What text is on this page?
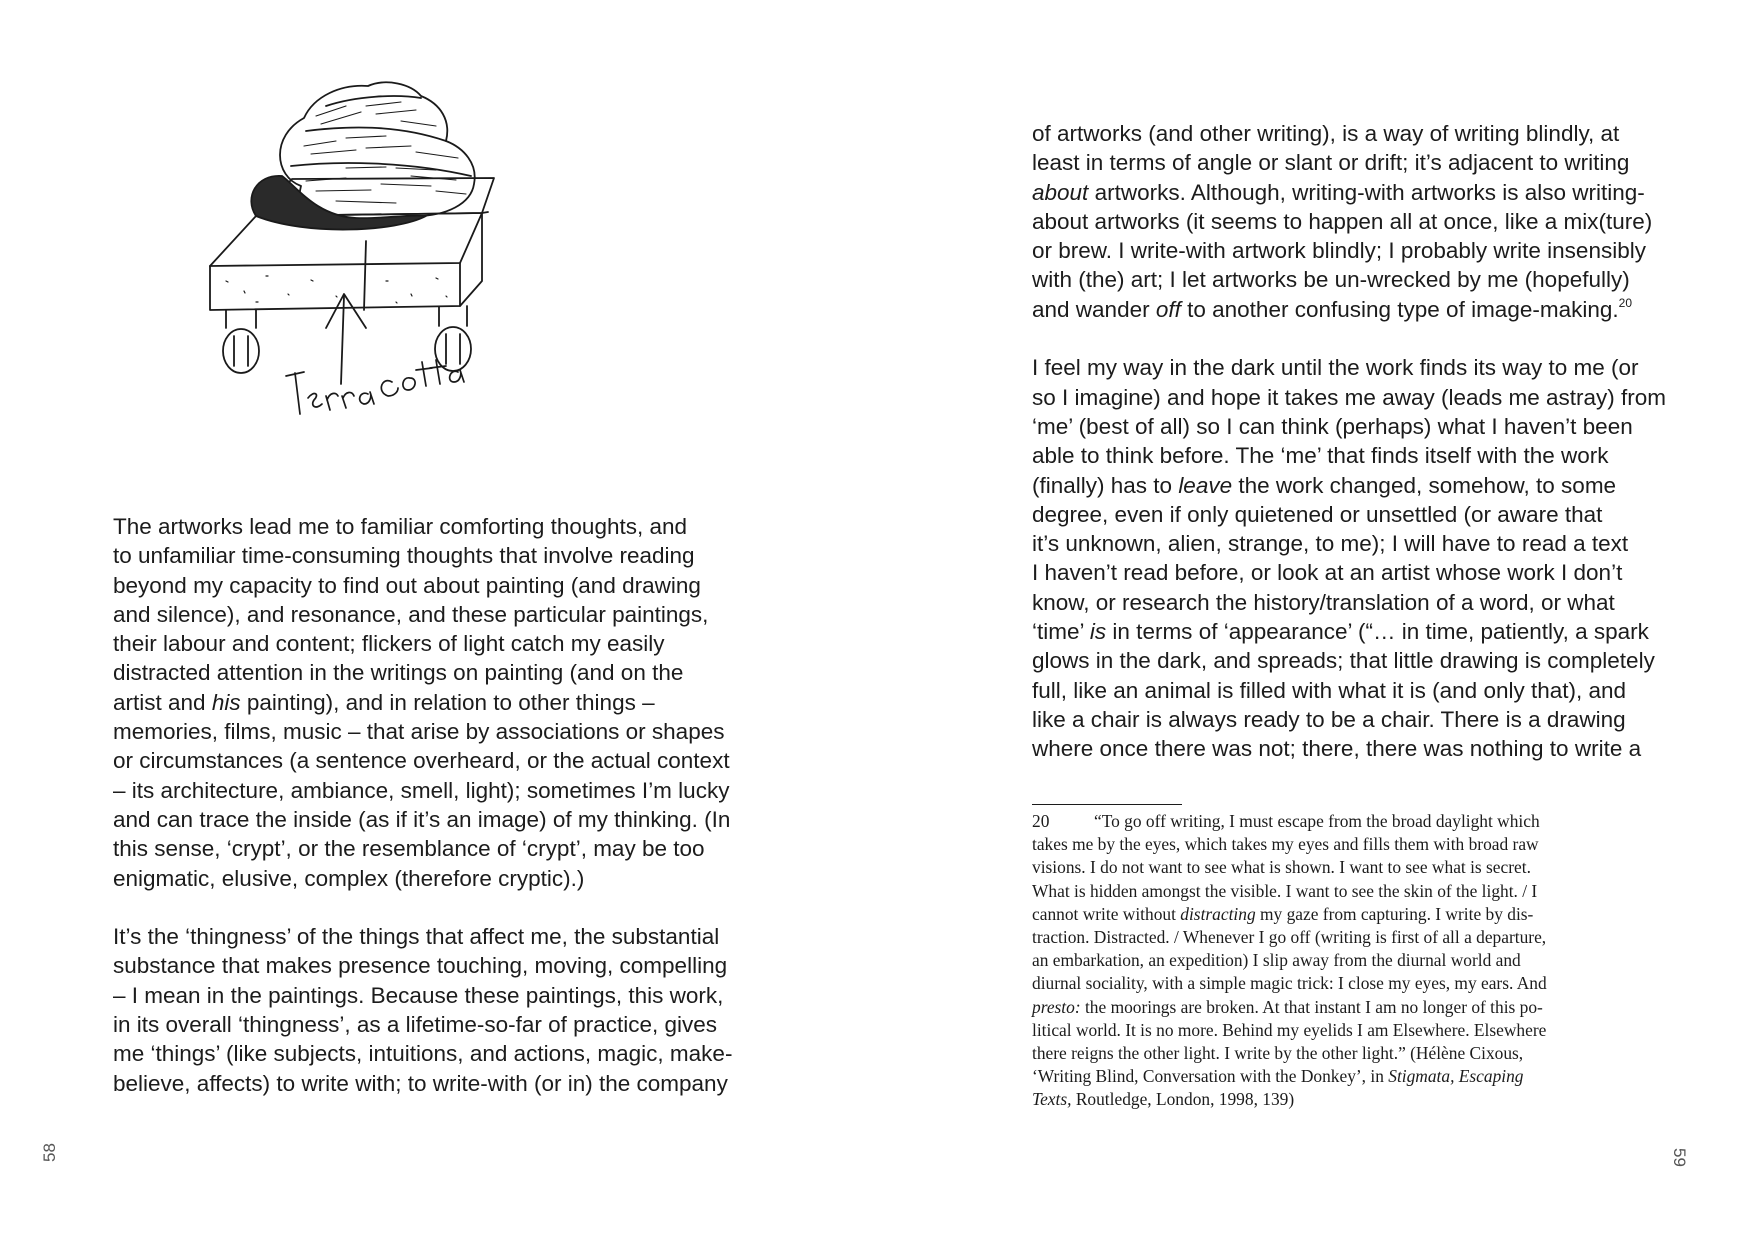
The artworks lead me to familiar comforting thoughts, and
to unfamiliar time-consuming thoughts that involve reading
beyond my capacity to find out about painting (and drawing
and silence), and resonance, and these particular paintings,
their labour and content; flickers of light catch my easily
distracted attention in the writings on painting (and on the
artist and his painting), and in relation to other things –
memories, films, music – that arise by associations or shapes
or circumstances (a sentence overheard, or the actual context
– its architecture, ambiance, smell, light); sometimes I’m lucky
and can trace the inside (as if it’s an image) of my thinking. (In
this sense, ‘crypt’, or the resemblance of ‘crypt’, may be too
enigmatic, elusive, complex (therefore cryptic).)

It’s the ‘thingness’ of the things that affect me, the substantial
substance that makes presence touching, moving, compelling
– I mean in the paintings. Because these paintings, this work,
in its overall ‘thingness’, as a lifetime-so-far of practice, gives
me ‘things’ (like subjects, intuitions, and actions, magic, make-
believe, affects) to write with; to write-with (or in) the company

58

of artworks (and other writing), is a way of writing blindly, at
least in terms of angle or slant or drift; it’s adjacent to writing
about artworks. Although, writing-with artworks is also writing-
about artworks (it seems to happen all at once, like a mix(ture)
or brew. I write-with artwork blindly; I probably write insensibly
with (the) art; I let artworks be un-wrecked by me (hopefully)
and wander off to another confusing type of image-making.$^{20}$

I feel my way in the dark until the work finds its way to me (or
so I imagine) and hope it takes me away (leads me astray) from
‘me’ (best of all) so I can think (perhaps) what I haven’t been
able to think before. The ‘me’ that finds itself with the work
(finally) has to leave the work changed, somehow, to some
degree, even if only quietened or unsettled (or aware that
it’s unknown, alien, strange, to me); I will have to read a text
I haven’t read before, or look at an artist whose work I don’t
know, or research the history/translation of a word, or what
‘time’ is in terms of ‘appearance’ (“… in time, patiently, a spark
glows in the dark, and spreads; that little drawing is completely
full, like an animal is filled with what it is (and only that), and
like a chair is always ready to be a chair. There is a drawing
where once there was not; there, there was nothing to write a

20	“To go off writing, I must escape from the broad daylight which
takes me by the eyes, which takes my eyes and fills them with broad raw
visions. I do not want to see what is shown. I want to see what is secret.
What is hidden amongst the visible. I want to see the skin of the light. / I
cannot write without distracting my gaze from capturing. I write by dis-
traction. Distracted. / Whenever I go off (writing is first of all a departure,
an embarkation, an expedition) I slip away from the diurnal world and
diurnal sociality, with a simple magic trick: I close my eyes, my ears. And
presto: the moorings are broken. At that instant I am no longer of this po-
litical world. It is no more. Behind my eyelids I am Elsewhere. Elsewhere
there reigns the other light. I write by the other light.” (Hélène Cixous,
‘Writing Blind, Conversation with the Donkey’, in Stigmata, Escaping
Texts, Routledge, London, 1998, 139)
59
